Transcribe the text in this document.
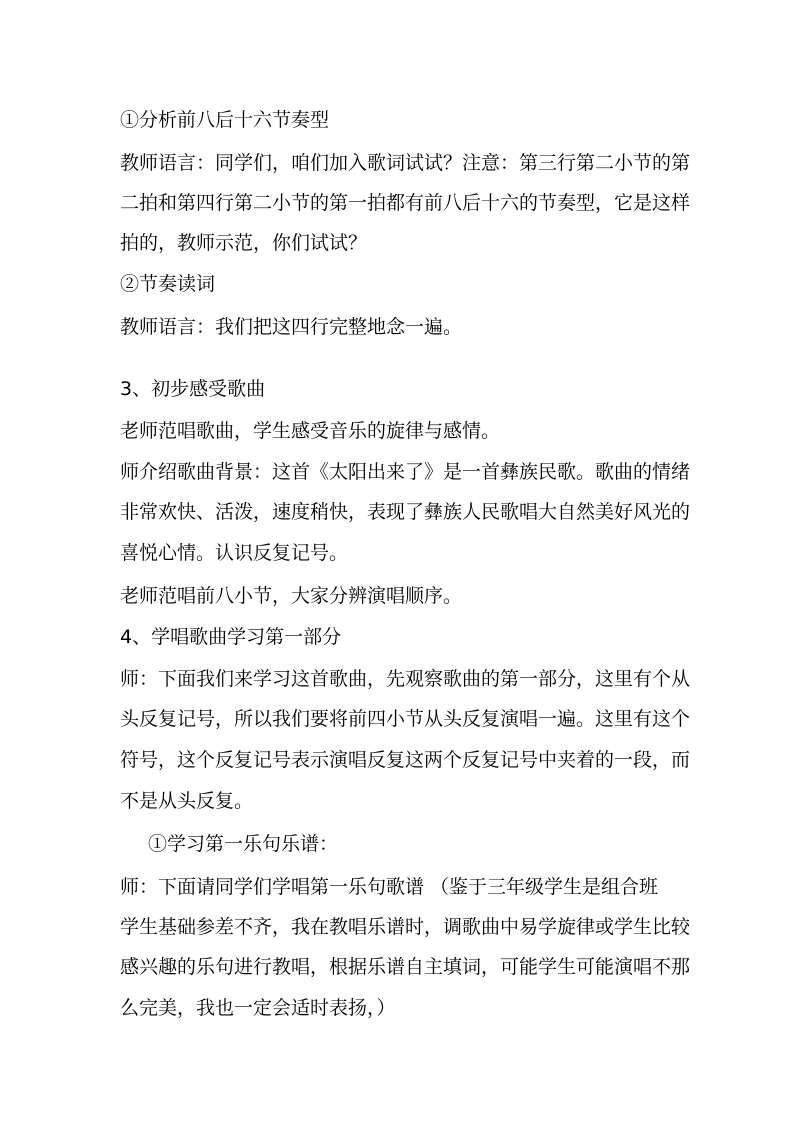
①分析前八后十六节奏型
教师语言：同学们，咱们加入歌词试试？注意：第三行第二小节的第
二拍和第四行第二小节的第一拍都有前八后十六的节奏型，它是这样
拍的，教师示范，你们试试？
②节奏读词
教师语言：我们把这四行完整地念一遍。
3、初步感受歌曲
老师范唱歌曲，学生感受音乐的旋律与感情。
师介绍歌曲背景：这首《太阳出来了》是一首彝族民歌。歌曲的情绪
非常欢快、活泼，速度稍快，表现了彝族人民歌唱大自然美好风光的
喜悦心情。认识反复记号。
老师范唱前八小节，大家分辨演唱顺序。
4、学唱歌曲学习第一部分
师：下面我们来学习这首歌曲，先观察歌曲的第一部分，这里有个从
头反复记号，所以我们要将前四小节从头反复演唱一遍。这里有这个
符号，这个反复记号表示演唱反复这两个反复记号中夹着的一段，而
不是从头反复。
①学习第一乐句乐谱：
师：下面请同学们学唱第一乐句歌谱 （鉴于三年级学生是组合班
学生基础参差不齐，我在教唱乐谱时，调歌曲中易学旋律或学生比较
感兴趣的乐句进行教唱，根据乐谱自主填词，可能学生可能演唱不那
么完美，我也一定会适时表扬，）
